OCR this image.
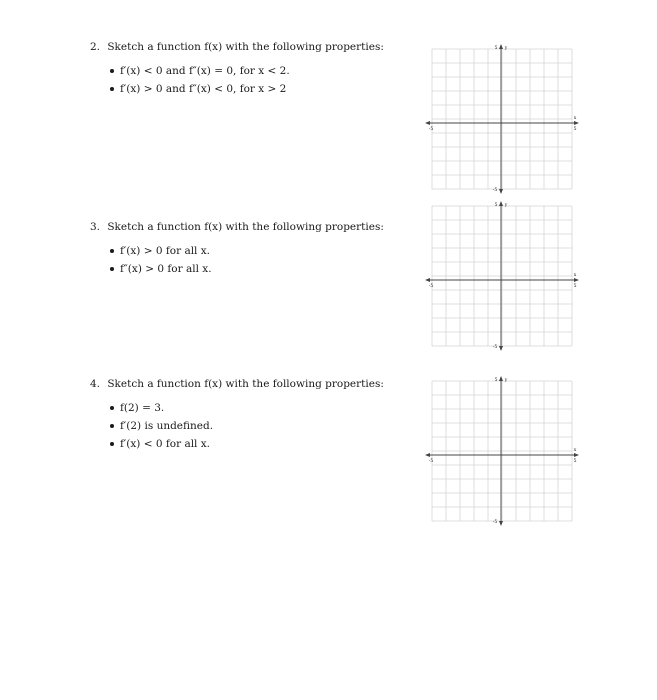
2. Sketch a function f(x) with the following properties:
f′(x) < 0 and f″(x) = 0, for x < 2.
f′(x) > 0 and f″(x) < 0, for x > 2
3. Sketch a function f(x) with the following properties:
f′(x) > 0 for all x.
f″(x) > 0 for all x.
4. Sketch a function f(x) with the following properties:
f(2) = 3.
f′(2) is undefined.
f′(x) < 0 for all x.
x
5
-5
5 y
-5
x
5
-5
5 y
-5
x
5
-5
5 y
-5
